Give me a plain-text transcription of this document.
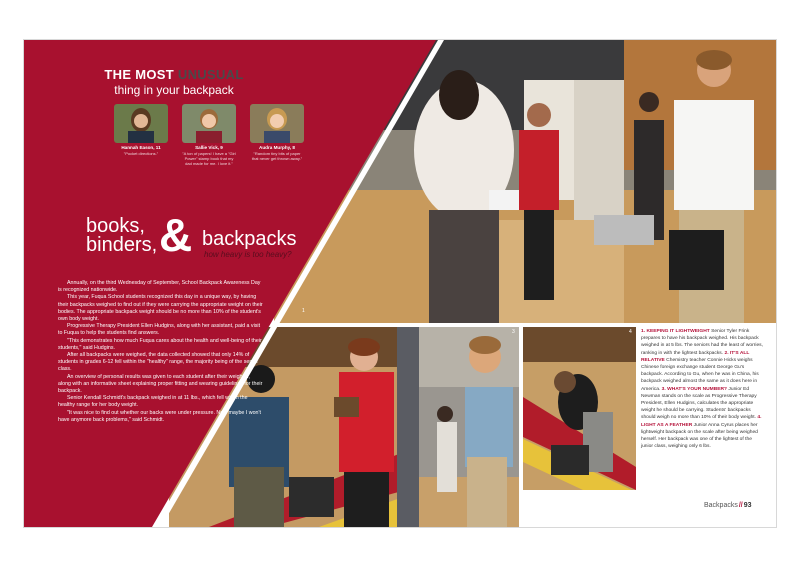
1
3	4
THE MOST UNUSUAL
thing in your backpack
Hannah Eason, 11
"Pocket directions."
Sallie Vick, 9
"A ton of papers! I have a "Girl Power" stamp book that my dad made for me. I love it."
Audra Murphy, 8
"Random tiny bits of paper that never get thrown away."
books,
binders, & backpacks
how heavy is too heavy?

Annually, on the third Wednesday of September, School Backpack Awareness Day is recognized nationwide.

This year, Fuqua School students recognized this day in a unique way, by having their backpacks weighed to find out if they were carrying the appropriate weight on their bodies. The appropriate backpack weight should be no more than 10% of the student's own body weight.

Progressive Therapy President Ellen Hudgins, along with her assistant, paid a visit to Fuqua to help the students find answers.

"This demonstrates how much Fuqua cares about the health and well-being of their students," said Hudgins.

After all backpacks were weighed, the data collected showed that only 14% of students in grades 6-12 fell within the "healthy" range, the majority being of the senior class.

An overview of personal results was given to each student after their weigh-in, along with an informative sheet explaining proper fitting and wearing guidelines for their backpack.

Senior Kendall Schmidt's backpack weighed in at 11 lbs., which fell within the healthy range for her body weight.

"It was nice to find out whether our backs were under pressure. Now maybe I won't have anymore back problems," said Schmidt.

1. KEEPING IT LIGHTWEIGHT Senior Tyler Frink prepares to have his backpack weighed. His backpack weighed in at 5 lbs. The seniors had the least of worries, ranking in with the lightest backpacks. 2. IT'S ALL RELATIVE Chemistry teacher Connie Hicks weighs Chinese foreign exchange student George Gu's backpack. According to Gu, when he was in China, his backpack weighed almost the same as it does here in America. 3. WHAT'S YOUR NUMBER? Junior Ed Newman stands on the scale as Progressive Therapy President, Ellen Hudgins, calculates the appropriate weight he should be carrying. Students' backpacks should weigh no more than 10% of their body weight. 4. LIGHT AS A FEATHER Junior Anna Cyrus places her lightweight backpack on the scale after being weighed herself. Her backpack was one of the lightest of the junior class, weighing only 6 lbs.
Backpacks//93
